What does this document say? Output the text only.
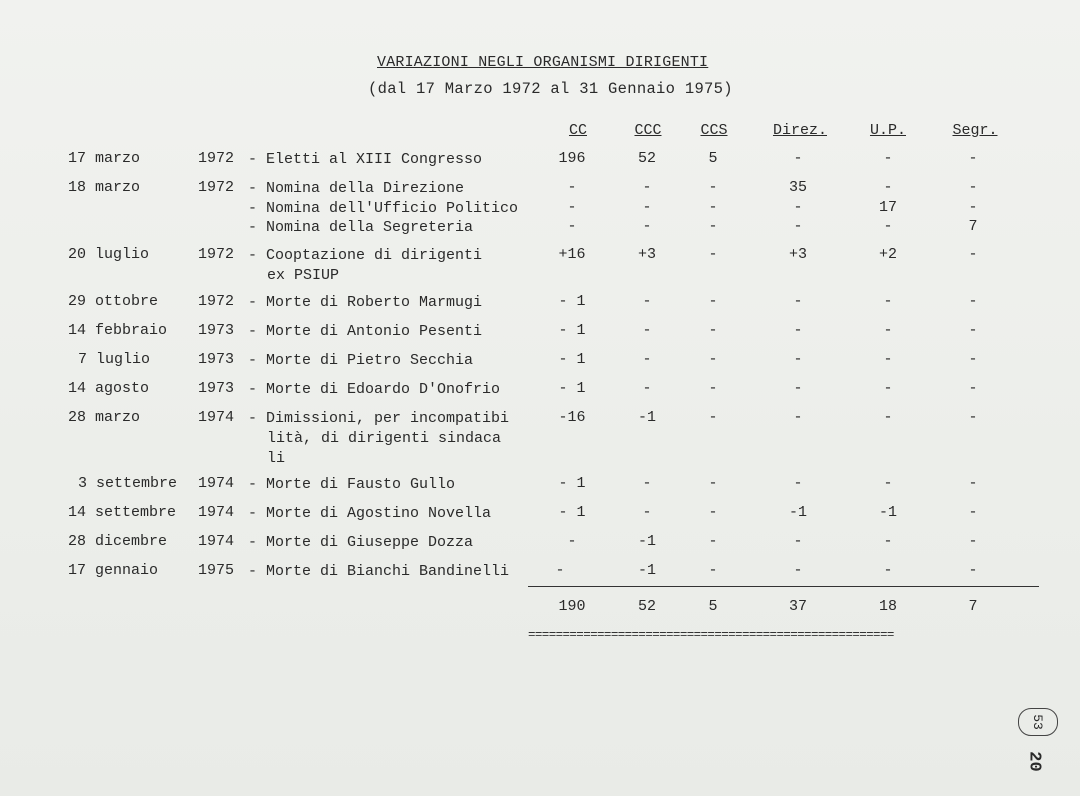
VARIAZIONI NEGLI ORGANISMI DIRIGENTI
(dal 17 Marzo 1972 al 31 Gennaio 1975)
CC	CCC	CCS	Direz.	U.P.	Segr.
17 marzo	1972 - Eletti al XIII Congresso	196	52	5	-	-	-
18 marzo	1972 - Nomina della Direzione	-	-	-	35	-	-
- Nomina dell'Ufficio Politico	-	-	-	-	17	-
- Nomina della Segreteria	-	-	-	-	-	7
20 luglio	1972 - Cooptazione di dirigenti
ex PSIUP
+16	+3	-	+3	+2	-
29 ottobre	1972 - Morte di Roberto Marmugi	- 1	-	-	-	-	-
14 febbraio 1973 - Morte di Antonio Pesenti	- 1	-	-	-	-	-
7 luglio	1973 - Morte di Pietro Secchia	- 1	-	-	-	-	-
14 agosto	1973 - Morte di Edoardo D'Onofrio	- 1	-	-	-	-	-
28 marzo	1974 - Dimissioni, per incompatibi
lità, di dirigenti sindaca
li
-16	-1	-	-	-	-
3 settembre 1974 - Morte di Fausto Gullo	- 1	-	-	-	-	-
14 settembre 1974 - Morte di Agostino Novella	- 1	-	-	-1	-1	-
28 dicembre 1974 - Morte di Giuseppe Dozza	-	-1	-	-	-	-
17 gennaio	1975 - Morte di Bianchi Bandinelli	-	-1	-	-	-	-
190	52	5	37	18	7
=====================================================
53
20
